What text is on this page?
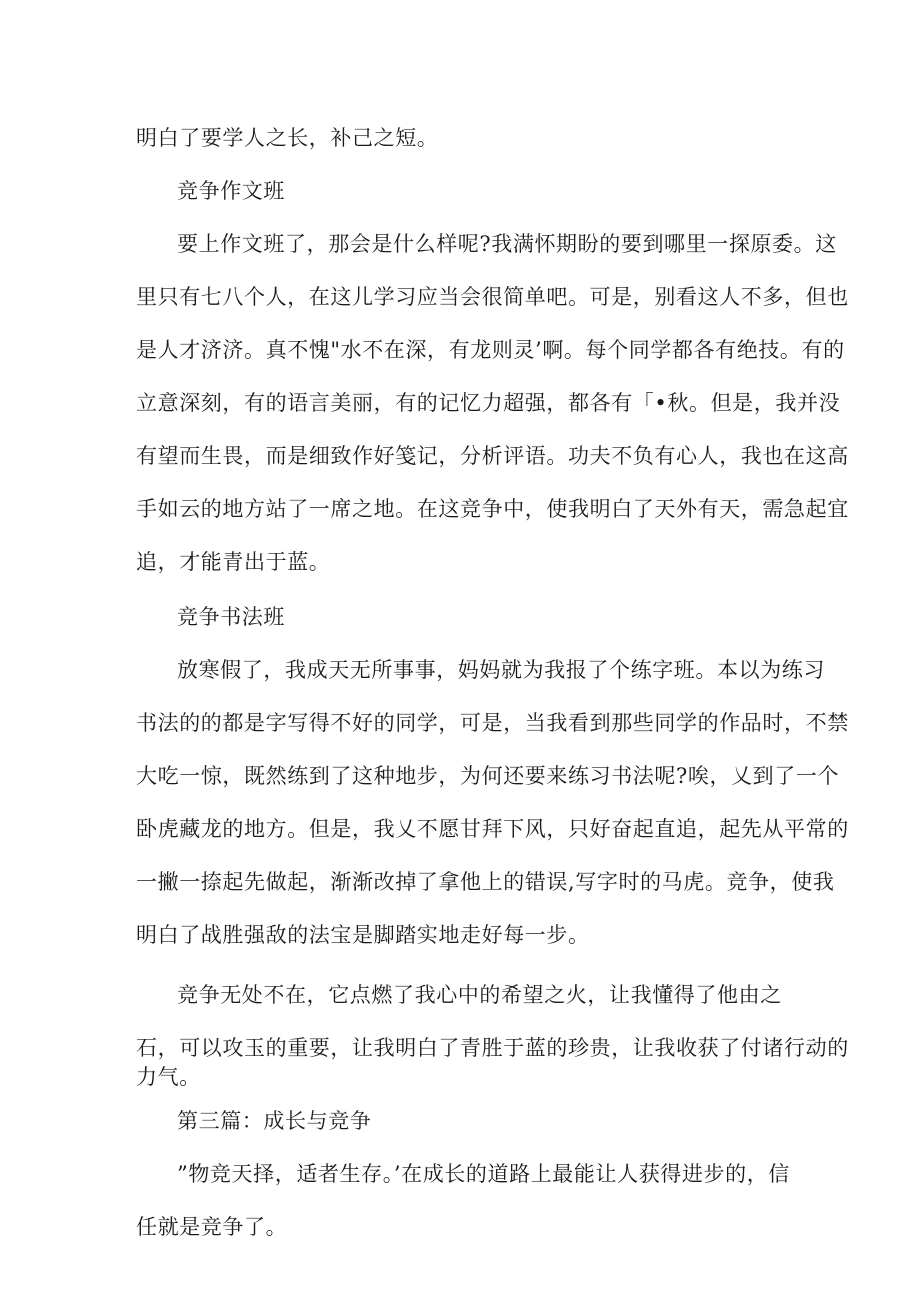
明白了要学人之长，补己之短。
竞争作文班
要上作文班了，那会是什么样呢?我满怀期盼的要到哪里一探原委。这
里只有七八个人，在这儿学习应当会很简单吧。可是，别看这人不多，但也
是人才济济。真不愧"水不在深，有龙则灵’啊。每个同学都各有绝技。有的
立意深刻，有的语言美丽，有的记忆力超强，都各有「•秋。但是，我并没
有望而生畏，而是细致作好笺记，分析评语。功夫不负有心人，我也在这高
手如云的地方站了一席之地。在这竞争中，使我明白了天外有天，需急起宜
追，才能青出于蓝。
竞争书法班
放寒假了，我成天无所事事，妈妈就为我报了个练字班。本以为练习
书法的的都是字写得不好的同学，可是，当我看到那些同学的作品时，不禁
大吃一惊，既然练到了这种地步，为何还要来练习书法呢?唉，乂到了一个
卧虎藏龙的地方。但是，我乂不愿甘拜下风，只好奋起直追，起先从平常的
一撇一捺起先做起，渐渐改掉了拿他上的错误,写字时的马虎。竞争，使我
明白了战胜强敌的法宝是脚踏实地走好每一步。
竞争无处不在，它点燃了我心中的希望之火，让我懂得了他由之
石，可以攻玉的重要，让我明白了青胜于蓝的珍贵，让我收获了付诸行动的
力气。
第三篇：成长与竞争
”物竞天择，适者生存。’在成长的道路上最能让人获得进步的，信
任就是竞争了。
